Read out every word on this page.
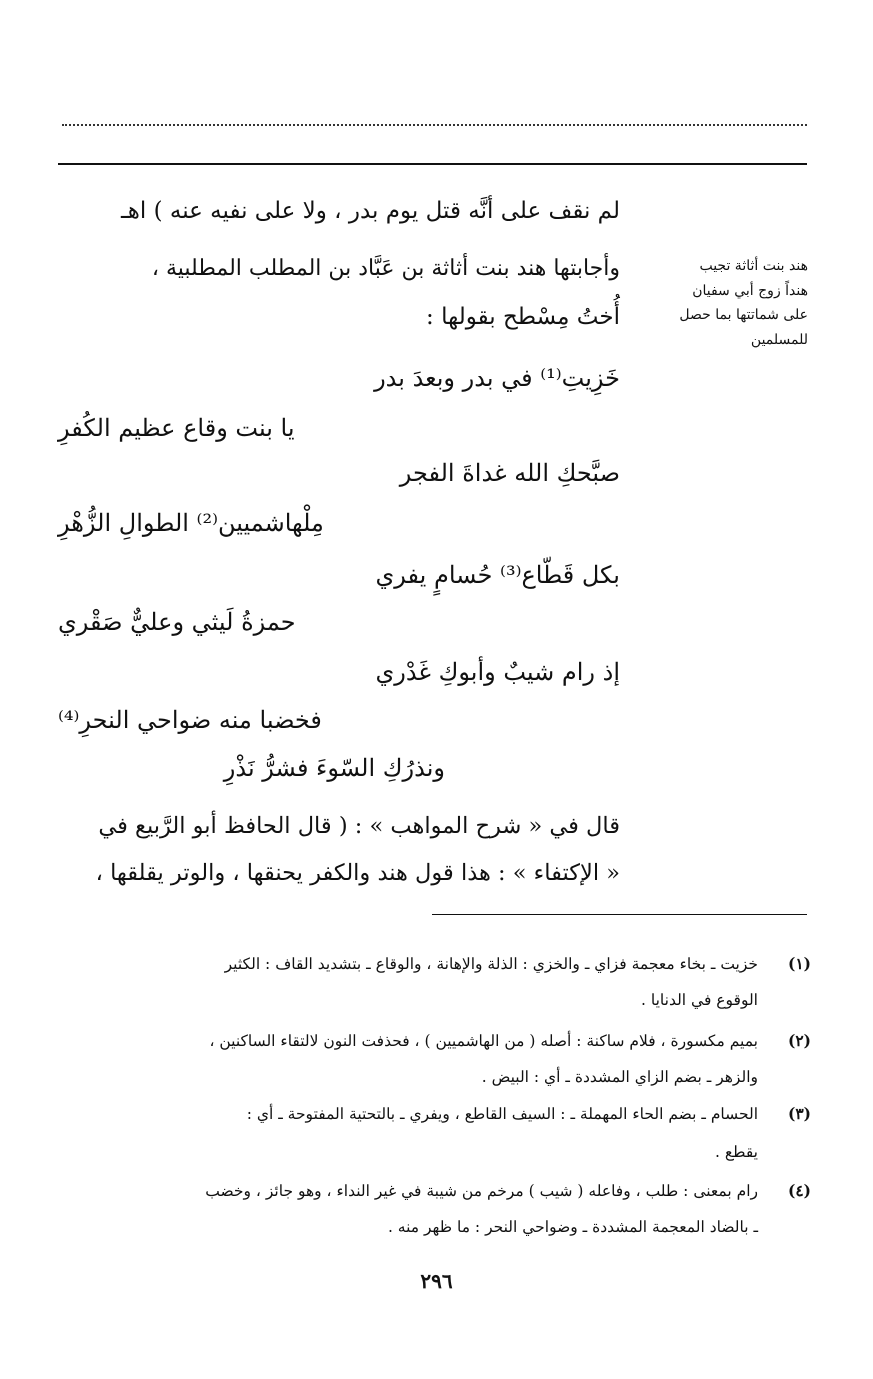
لم نقف على أنَّه قتل يوم بدر ، ولا على نفيه عنه ) اهـ
وأجابتها هند بنت أثاثة بن عَبَّاد بن المطلب المطلبية ،
أُختُ مِسْطح بقولها :
هند بنت أثاثة تجيب
هنداً زوج أبي سفيان
على شماتتها بما حصل
للمسلمين
خَزِيتِ⁽¹⁾ في بدر وبعدَ بدر
يا بنت وقاع عظيم الكُفرِ
صبَّحكِ الله غداةَ الفجر
مِلْهاشميين⁽²⁾ الطوالِ الزُّهْرِ
بكل قَطّاع⁽³⁾ حُسامٍ يفري
حمزةُ لَيثي وعليٌّ صَقْري
إذ رام شيبٌ وأبوكِ غَدْري
فخضبا منه ضواحي النحرِ⁽⁴⁾
ونذرُكِ السّوءَ فشرُّ نَذْرِ
قال في « شرح المواهب » : ( قال الحافظ أبو الرَّبيع في
« الإكتفاء » : هذا قول هند والكفر يحنقها ، والوتر يقلقها ،
(١)
خزيت ـ بخاء معجمة فزاي ـ والخزي : الذلة والإهانة ، والوقاع ـ بتشديد القاف : الكثير
الوقوع في الدنايا .
(٢)
بميم مكسورة ، فلام ساكنة : أصله ( من الهاشميين ) ، فحذفت النون لالتقاء الساكنين ،
والزهر ـ بضم الزاي المشددة ـ أي : البيض .
(٣)
الحسام ـ بضم الحاء المهملة ـ : السيف القاطع ، ويفري ـ بالتحتية المفتوحة ـ أي :
يقطع .
(٤)
رام بمعنى : طلب ، وفاعله ( شيب ) مرخم من شيبة في غير النداء ، وهو جائز ، وخضب
ـ بالضاد المعجمة المشددة ـ وضواحي النحر : ما ظهر منه .
٢٩٦
